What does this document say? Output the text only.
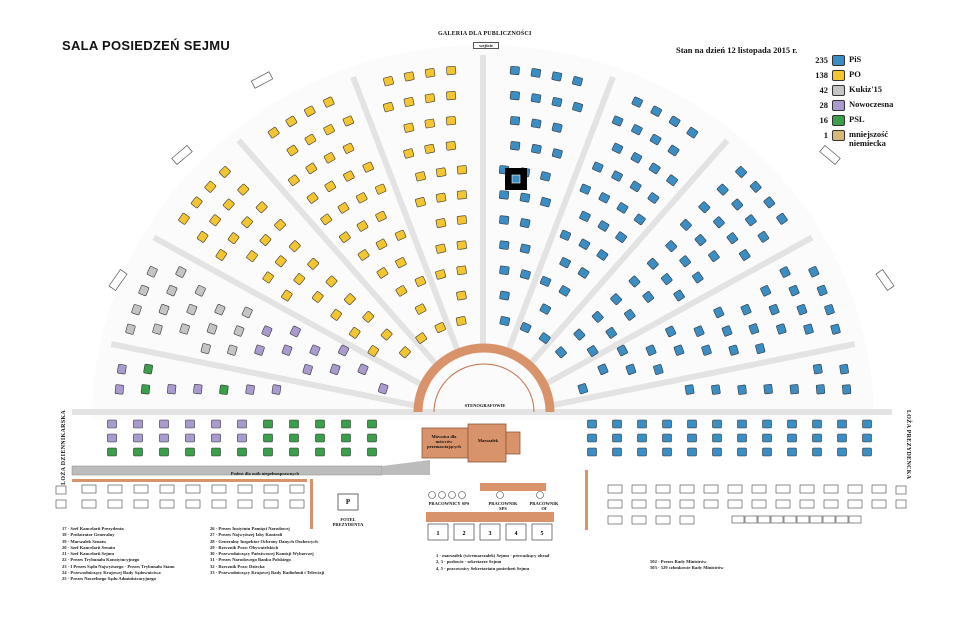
1	2	3	4	5
SALA POSIEDZEŃ SEJMU
GALERIA DLA PUBLICZNOŚCI
Stan na dzień 12 listopada 2015 r.
235	PiS
138	PO
42	Kukiz'15
28	Nowoczesna
16	PSL
1	mniejszość niemiecka
LOŻA DZIENNIKARSKA	LOŻA PREZYDENCKA
STENOGRAFOWIE
Marszałek
Mównica dla mówców przemawiających
Podest dla osób niepełnosprawnych
FOTEL PREZYDENTA
P	PRACOWNICY SPS	PRACOWNIK SPS
PRACOWNIK OI
wejście
17 - Szef Kancelarii Prezydenta
18 - Prokurator Generalny
19 - Marszałek Senatu
20 - Szef Kancelarii Senatu
21 - Szef Kancelarii Sejmu
22 - Prezes Trybunału Konstytucyjnego
23 - I Prezes Sądu Najwyższego - Prezes Trybunału Stanu
24 - Przewodniczący Krajowej Rady Sądownictwa
25 - Prezes Naczelnego Sądu Administracyjnego
26 - Prezes Instytutu Pamięci Narodowej
27 - Prezes Najwyższej Izby Kontroli
28 - Generalny Inspektor Ochrony Danych Osobowych
29 - Rzecznik Praw Obywatelskich
30 - Przewodniczący Państwowej Komisji Wyborczej
31 - Prezes Narodowego Banku Polskiego
32 - Rzecznik Praw Dziecka
33 - Przewodniczący Krajowej Rady Radiofonii i Telewizji
1 - marszałek (wicemarszałek) Sejmu - prowadzący obrad
2, 3 - posłowie - sekretarze Sejmu
4, 5 - pracownicy Sekretariatu posiedzeń Sejmu
502 - Prezes Rady Ministrów
503 - 529 członkowie Rady Ministrów
